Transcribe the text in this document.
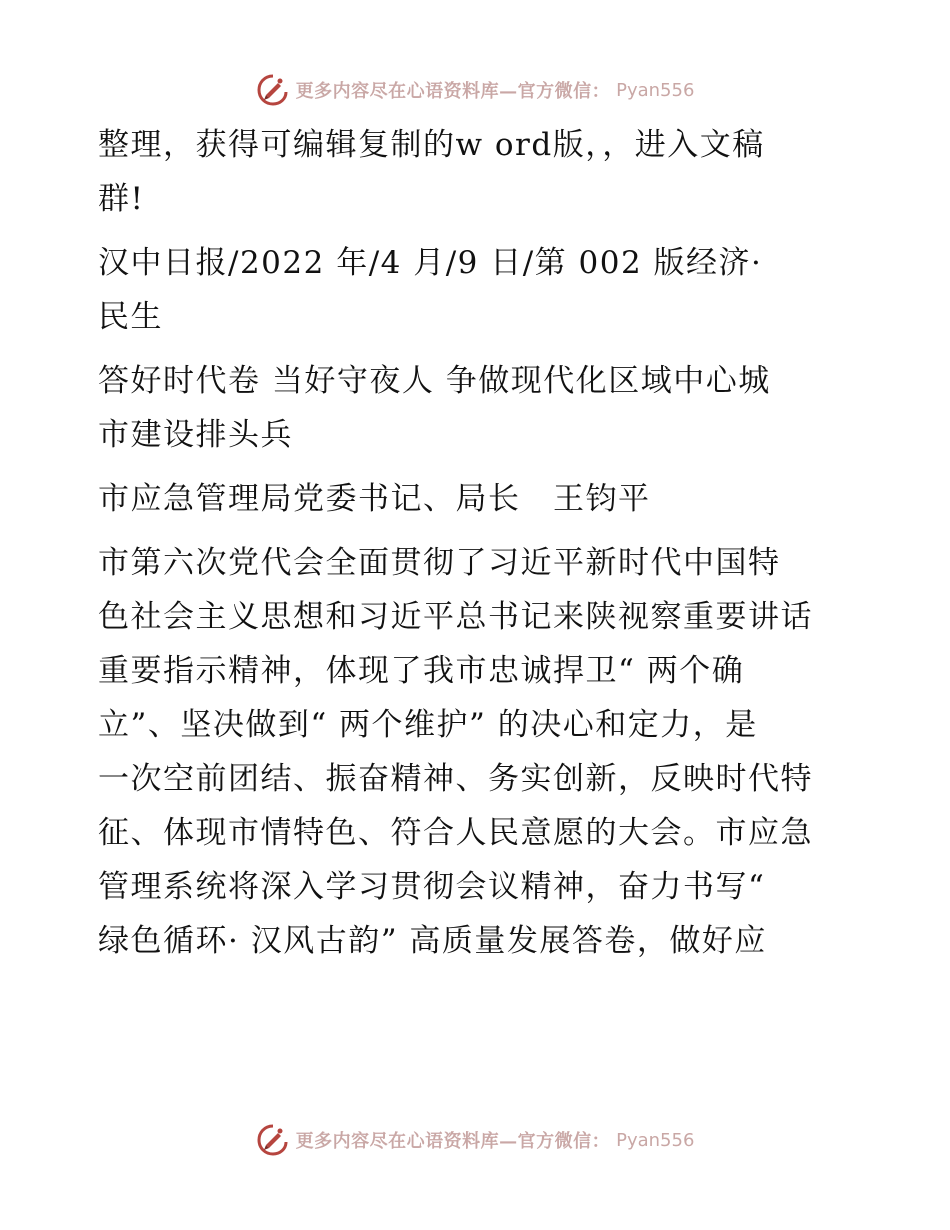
更多内容尽在心语资料库—官方微信： Pyan556

整理，获得可编辑复制的w ord版，，进入文稿
群!

汉中日报/2022 年/4 月/9 日/第 002 版经济·
民生

答好时代卷 当好守夜人 争做现代化区域中心城
市建设排头兵

市应急管理局党委书记、局长　王钧平

市第六次党代会全面贯彻了习近平新时代中国特
色社会主义思想和习近平总书记来陕视察重要讲话
重要指示精神，体现了我市忠诚捍卫“ 两个确
立”、坚决做到“ 两个维护” 的决心和定力，是
一次空前团结、振奋精神、务实创新，反映时代特
征、体现市情特色、符合人民意愿的大会。市应急
管理系统将深入学习贯彻会议精神，奋力书写“
绿色循环· 汉风古韵” 高质量发展答卷，做好应

更多内容尽在心语资料库—官方微信： Pyan556
